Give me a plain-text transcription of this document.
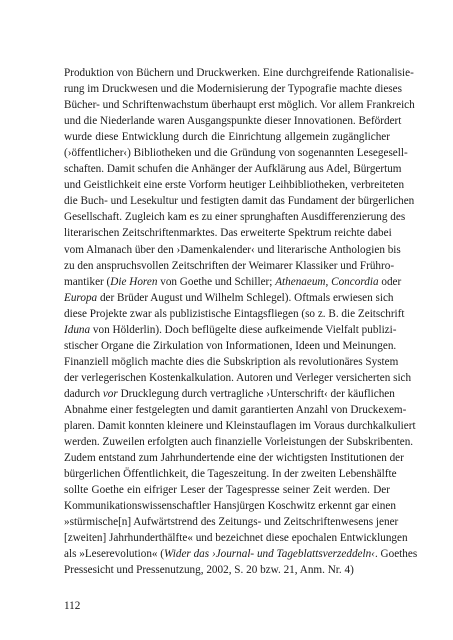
Produktion von Büchern und Druckwerken. Eine durchgreifende Rationalisie-
rung im Druckwesen und die Modernisierung der Typografie machte dieses
Bücher- und Schriftenwachstum überhaupt erst möglich. Vor allem Frankreich
und die Niederlande waren Ausgangspunkte dieser Innovationen. Befördert
wurde diese Entwicklung durch die Einrichtung allgemein zugänglicher
(›öffentlicher‹) Bibliotheken und die Gründung von sogenannten Lesegesell-
schaften. Damit schufen die Anhänger der Aufklärung aus Adel, Bürgertum
und Geistlichkeit eine erste Vorform heutiger Leihbibliotheken, verbreiteten
die Buch- und Lesekultur und festigten damit das Fundament der bürgerlichen
Gesellschaft. Zugleich kam es zu einer sprunghaften Ausdifferenzierung des
literarischen Zeitschriftenmarktes. Das erweiterte Spektrum reichte dabei
vom Almanach über den ›Damenkalender‹ und literarische Anthologien bis
zu den anspruchsvollen Zeitschriften der Weimarer Klassiker und Frühro-
mantiker (Die Horen von Goethe und Schiller; Athenaeum, Concordia oder
Europa der Brüder August und Wilhelm Schlegel). Oftmals erwiesen sich
diese Projekte zwar als publizistische Eintagsfliegen (so z. B. die Zeitschrift
Iduna von Hölderlin). Doch beflügelte diese aufkeimende Vielfalt publizi-
stischer Organe die Zirkulation von Informationen, Ideen und Meinungen.
Finanziell möglich machte dies die Subskription als revolutionäres System
der verlegerischen Kostenkalkulation. Autoren und Verleger versicherten sich
dadurch vor Drucklegung durch vertragliche ›Unterschrift‹ der käuflichen
Abnahme einer festgelegten und damit garantierten Anzahl von Druckexem-
plaren. Damit konnten kleinere und Kleinstauflagen im Voraus durchkalkuliert
werden. Zuweilen erfolgten auch finanzielle Vorleistungen der Subskribenten.
Zudem entstand zum Jahrhundertende eine der wichtigsten Institutionen der
bürgerlichen Öffentlichkeit, die Tageszeitung. In der zweiten Lebenshälfte
sollte Goethe ein eifriger Leser der Tagespresse seiner Zeit werden. Der
Kommunikationswissenschaftler Hansjürgen Koschwitz erkennt gar einen
»stürmische[n] Aufwärtstrend des Zeitungs- und Zeitschriftenwesens jener
[zweiten] Jahrhunderthälfte« und bezeichnet diese epochalen Entwicklungen
als »Leserevolution« (Wider das ›Journal- und Tageblattsverzeddeln‹. Goethes
Pressesicht und Pressenutzung, 2002, S. 20 bzw. 21, Anm. Nr. 4)
112
